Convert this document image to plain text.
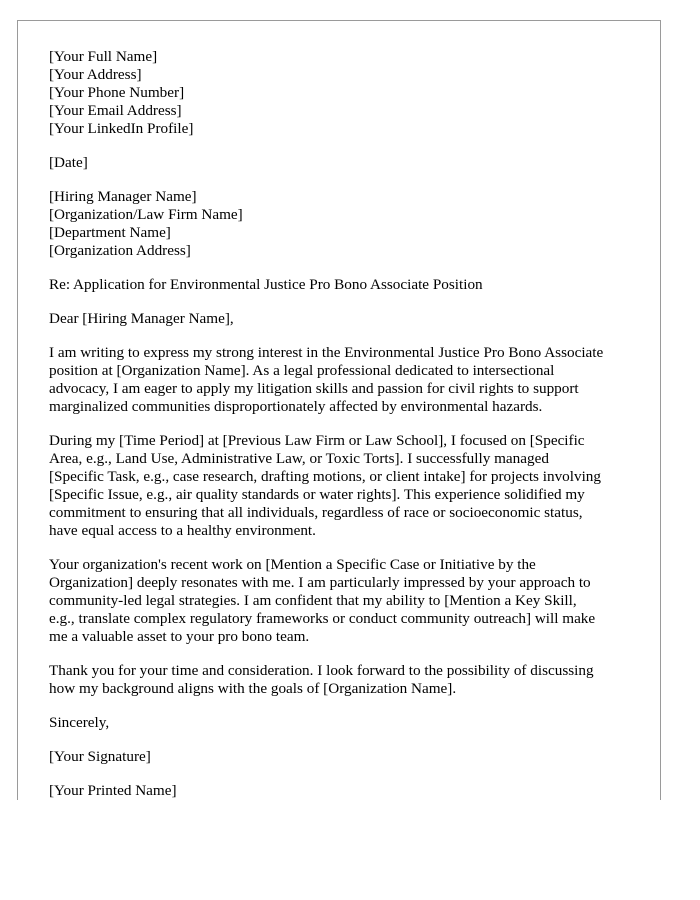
[Your Full Name]
[Your Address]
[Your Phone Number]
[Your Email Address]
[Your LinkedIn Profile]
[Date]
[Hiring Manager Name]
[Organization/Law Firm Name]
[Department Name]
[Organization Address]

Re: Application for Environmental Justice Pro Bono Associate Position

Dear [Hiring Manager Name],

I am writing to express my strong interest in the Environmental Justice Pro Bono Associate
position at [Organization Name]. As a legal professional dedicated to intersectional
advocacy, I am eager to apply my litigation skills and passion for civil rights to support
marginalized communities disproportionately affected by environmental hazards.

During my [Time Period] at [Previous Law Firm or Law School], I focused on [Specific
Area, e.g., Land Use, Administrative Law, or Toxic Torts]. I successfully managed
[Specific Task, e.g., case research, drafting motions, or client intake] for projects involving
[Specific Issue, e.g., air quality standards or water rights]. This experience solidified my
commitment to ensuring that all individuals, regardless of race or socioeconomic status,
have equal access to a healthy environment.

Your organization's recent work on [Mention a Specific Case or Initiative by the
Organization] deeply resonates with me. I am particularly impressed by your approach to
community-led legal strategies. I am confident that my ability to [Mention a Key Skill,
e.g., translate complex regulatory frameworks or conduct community outreach] will make
me a valuable asset to your pro bono team.

Thank you for your time and consideration. I look forward to the possibility of discussing
how my background aligns with the goals of [Organization Name].

Sincerely,

[Your Signature]

[Your Printed Name]
